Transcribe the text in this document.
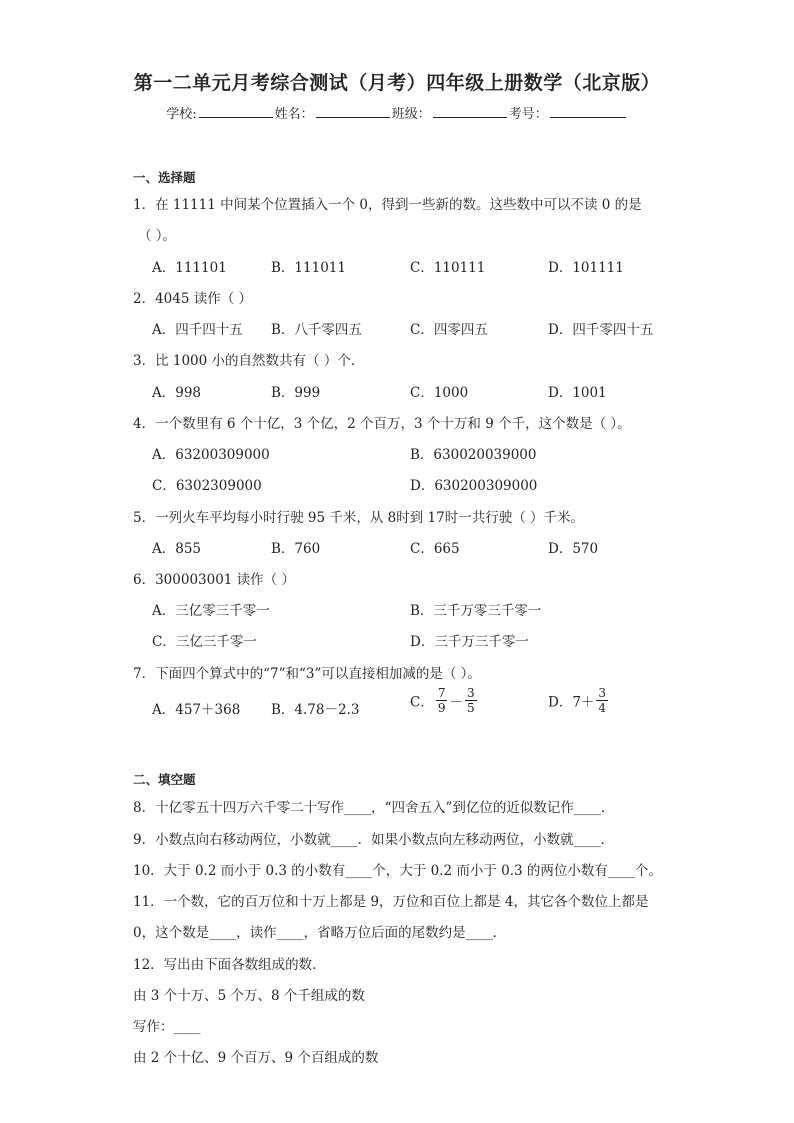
第一二单元月考综合测试（月考）四年级上册数学（北京版）
学校:	姓名：	班级：	考号：
一、选择题
1．在 11111 中间某个位置插入一个 0，得到一些新的数。这些数中可以不读 0 的是
（ ）。
A．111101	B．111011	C．110111	D．101111
2．4045 读作（ ）
A．四千四十五 B．八千零四五	C．四零四五	D．四千零四十五
3．比 1000 小的自然数共有（ ）个．
A．998	B．999	C．1000	D．1001
4．一个数里有 6 个十亿，3 个亿，2 个百万，3 个十万和 9 个千，这个数是（ ）。
A．63200309000	B．630020039000
C．6302309000	D．630200309000
5．一列火车平均每小时行驶 95 千米，从 8时到 17时一共行驶（ ）千米。
A．855	B．760	C．665	D．570
6．300003001 读作（ ）
A．三亿零三千零一	B．三千万零三千零一
C．三亿三千零一	D．三千万三千零一
7．下面四个算式中的“7”和“3”可以直接相加减的是（ ）。
A．457＋368 B．4.78－2.3	C． $\frac{7}{9} - \frac{3}{5}$	D．$7+ \frac{3}{4}$
二、填空题
8．十亿零五十四万六千零二十写作____，“四舍五入”到亿位的近似数记作____．
9．小数点向右移动两位，小数就____．如果小数点向左移动两位，小数就____．
10．大于 0.2 而小于 0.3 的小数有____个，大于 0.2 而小于 0.3 的两位小数有____个。
11．一个数，它的百万位和十万上都是 9，万位和百位上都是 4，其它各个数位上都是
0，这个数是____，读作____，省略万位后面的尾数约是____．
12．写出由下面各数组成的数．
由 3 个十万、5 个万、8 个千组成的数
写作：____
由 2 个十亿、9 个百万、9 个百组成的数
